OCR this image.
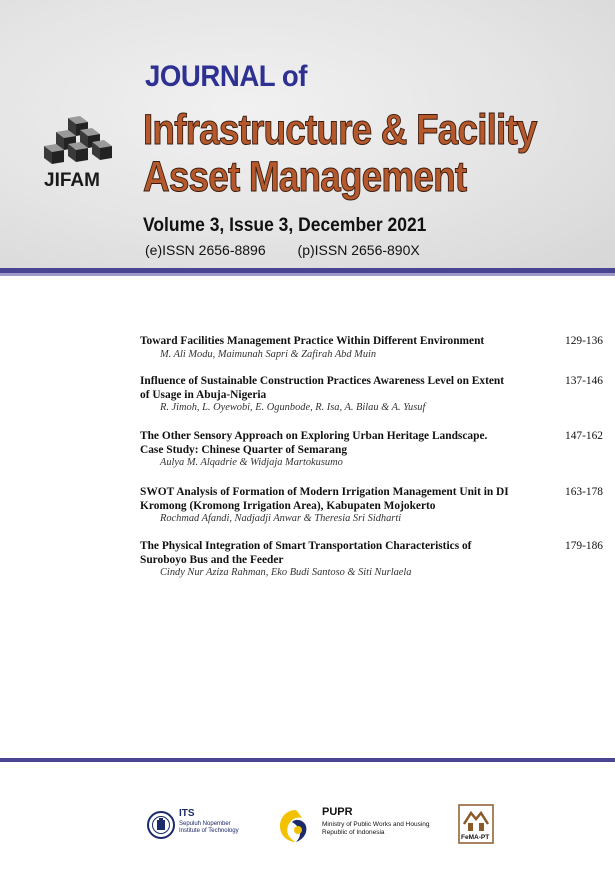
JIFAM
JOURNAL of
Infrastructure & Facility
Asset Management
Volume 3, Issue 3, December 2021
(e)ISSN 2656-8896 (p)ISSN 2656-890X
Toward Facilities Management Practice Within Different Environment
M. Ali Modu, Maimunah Sapri & Zafirah Abd Muin
129-136
Influence of Sustainable Construction Practices Awareness Level on Extent
of Usage in Abuja-Nigeria
R. Jimoh, L. Oyewobi, E. Ogunbode, R. Isa, A. Bilau & A. Yusuf
137-146
The Other Sensory Approach on Exploring Urban Heritage Landscape.
Case Study: Chinese Quarter of Semarang
Aulya M. Alqadrie & Widjaja Martokusumo
147-162
SWOT Analysis of Formation of Modern Irrigation Management Unit in DI
Kromong (Kromong Irrigation Area), Kabupaten Mojokerto
Rochmad Afandi, Nadjadji Anwar & Theresia Sri Sidharti
163-178
The Physical Integration of Smart Transportation Characteristics of
Suroboyo Bus and the Feeder
Cindy Nur Aziza Rahman, Eko Budi Santoso & Siti Nurlaela
179-186
ITS
Sepuluh Nopember
Institute of Technology
PUPR
Ministry of Public Works and Housing
Republic of Indonesia
FeMA-PT
